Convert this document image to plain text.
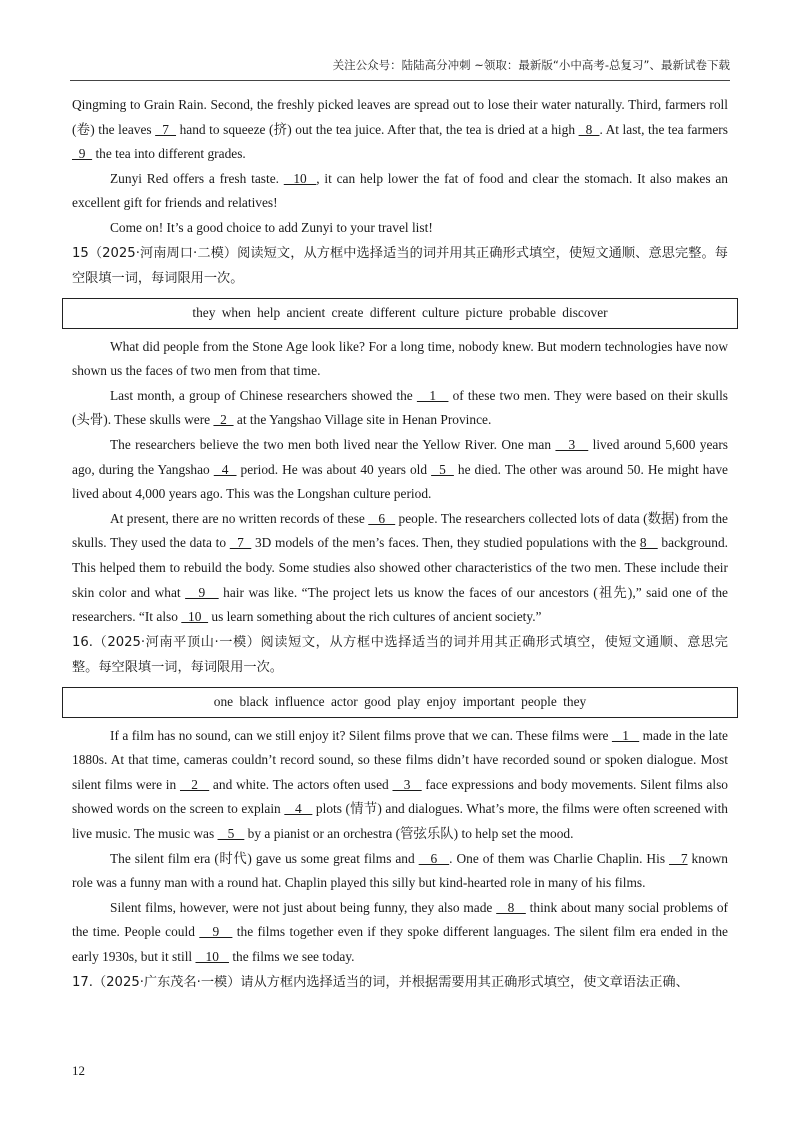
关注公众号：陆陆高分冲刺 ~领取：最新版“小中高考-总复习”、最新试卷下载

Qingming to Grain Rain. Second, the freshly picked leaves are spread out to lose their water naturally. Third, farmers roll (卷) the leaves   7   hand to squeeze (挤) out the tea juice. After that, the tea is dried at a high   8  . At last, the tea farmers   9   the tea into different grades.

Zunyi Red offers a fresh taste.   10  , it can help lower the fat of food and clear the stomach. It also makes an excellent gift for friends and relatives!

Come on! It’s a good choice to add Zunyi to your travel list!

15（2025·河南周口·二模）阅读短文，从方框中选择适当的词并用其正确形式填空，使短文通顺、意思完整。每空限填一词，每词限用一次。

they when help ancient create different culture picture probable discover

What did people from the Stone Age look like? For a long time, nobody knew. But modern technologies have now shown us the faces of two men from that time.

Last month, a group of Chinese researchers showed the    1    of these two men. They were based on their skulls (头骨). These skulls were   2   at the Yangshao Village site in Henan Province.

The researchers believe the two men both lived near the Yellow River. One man    3    lived around 5,600 years ago, during the Yangshao   4   period. He was about 40 years old   5   he died. The other was around 50. He might have lived about 4,000 years ago. This was the Longshan culture period.

At present, there are no written records of these    6    people. The researchers collected lots of data (数据) from the skulls. They used the data to   7   3D models of the men’s faces. Then, they studied populations with the 8    background. This helped them to rebuild the body. Some studies also showed other characteristics of the two men. These include their skin color and what    9    hair was like. “The project lets us know the faces of our ancestors (祖先),” said one of the researchers. “It also   10   us learn something about the rich cultures of ancient society.”

16.（2025·河南平顶山·一模）阅读短文，从方框中选择适当的词并用其正确形式填空，使短文通顺、意思完整。每空限填一词，每词限用一次。

one black influence actor good play enjoy important people they

If a film has no sound, can we still enjoy it? Silent films prove that we can. These films were    1    made in the late 1880s. At that time, cameras couldn’t record sound, so these films didn’t have recorded sound or spoken dialogue. Most silent films were in    2    and white. The actors often used    3    face expressions and body movements. Silent films also showed words on the screen to explain    4    plots (情节) and dialogues. What’s more, the films were often screened with live music. The music was    5    by a pianist or an orchestra (管弦乐队) to help set the mood.

The silent film era (时代) gave us some great films and    6   . One of them was Charlie Chaplin. His    7 known role was a funny man with a round hat. Chaplin played this silly but kind-hearted role in many of his films.

Silent films, however, were not just about being funny, they also made    8    think about many social problems of the time. People could    9    the films together even if they spoke different languages. The silent film era ended in the early 1930s, but it still    10    the films we see today.

17.（2025·广东茂名·一模）请从方框内选择适当的词，并根据需要用其正确形式填空，使文章语法正确、

12
